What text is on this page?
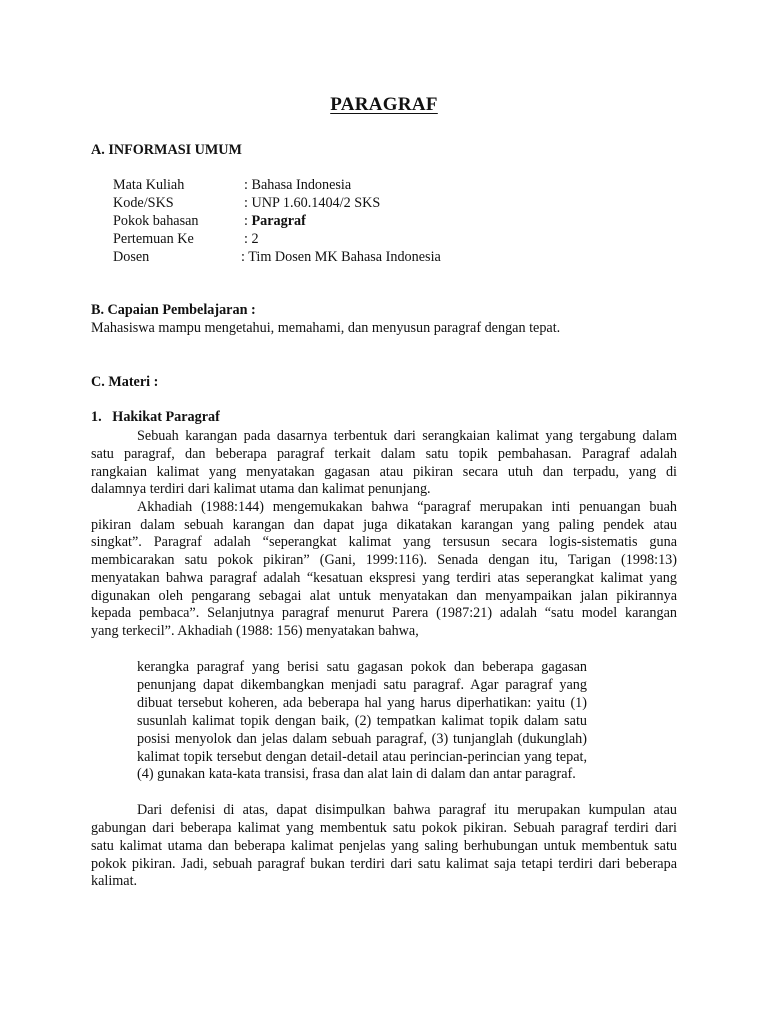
PARAGRAF
A. INFORMASI UMUM
Mata Kuliah	: Bahasa Indonesia
Kode/SKS	: UNP 1.60.1404/2 SKS
Pokok bahasan	: Paragraf
Pertemuan Ke	: 2
Dosen	: Tim Dosen MK Bahasa Indonesia
B. Capaian Pembelajaran :
Mahasiswa mampu mengetahui, memahami, dan menyusun paragraf dengan tepat.
C. Materi :
1.   Hakikat Paragraf
Sebuah karangan pada dasarnya terbentuk dari serangkaian kalimat yang tergabung dalam
satu paragraf, dan beberapa paragraf terkait dalam satu topik pembahasan. Paragraf adalah
rangkaian kalimat yang menyatakan gagasan atau pikiran secara utuh dan terpadu, yang di
dalamnya terdiri dari kalimat utama dan kalimat penunjang.
Akhadiah (1988:144) mengemukakan bahwa “paragraf merupakan inti penuangan buah
pikiran dalam sebuah karangan dan dapat juga dikatakan karangan yang paling pendek atau
singkat”. Paragraf adalah “seperangkat kalimat yang tersusun secara logis-sistematis guna
membicarakan satu pokok pikiran” (Gani, 1999:116). Senada dengan itu, Tarigan (1998:13)
menyatakan bahwa paragraf adalah “kesatuan ekspresi yang terdiri atas seperangkat kalimat yang
digunakan oleh pengarang sebagai alat untuk menyatakan dan menyampaikan jalan pikirannya
kepada pembaca”. Selanjutnya paragraf menurut Parera (1987:21) adalah “satu model karangan
yang terkecil”. Akhadiah (1988: 156) menyatakan bahwa,
kerangka paragraf yang berisi satu gagasan pokok dan beberapa gagasan
penunjang dapat dikembangkan menjadi satu paragraf. Agar paragraf yang
dibuat tersebut koheren, ada beberapa hal yang harus diperhatikan: yaitu (1)
susunlah kalimat topik dengan baik, (2) tempatkan kalimat topik dalam satu
posisi menyolok dan jelas dalam sebuah paragraf, (3) tunjanglah (dukunglah)
kalimat topik tersebut dengan detail-detail atau perincian-perincian yang tepat,
(4) gunakan kata-kata transisi, frasa dan alat lain di dalam dan antar paragraf.
Dari defenisi di atas, dapat disimpulkan bahwa paragraf itu merupakan kumpulan atau
gabungan dari beberapa kalimat yang membentuk satu pokok pikiran. Sebuah paragraf terdiri dari
satu kalimat utama dan beberapa kalimat penjelas yang saling berhubungan untuk membentuk satu
pokok pikiran. Jadi, sebuah paragraf bukan terdiri dari satu kalimat saja tetapi terdiri dari beberapa
kalimat.
